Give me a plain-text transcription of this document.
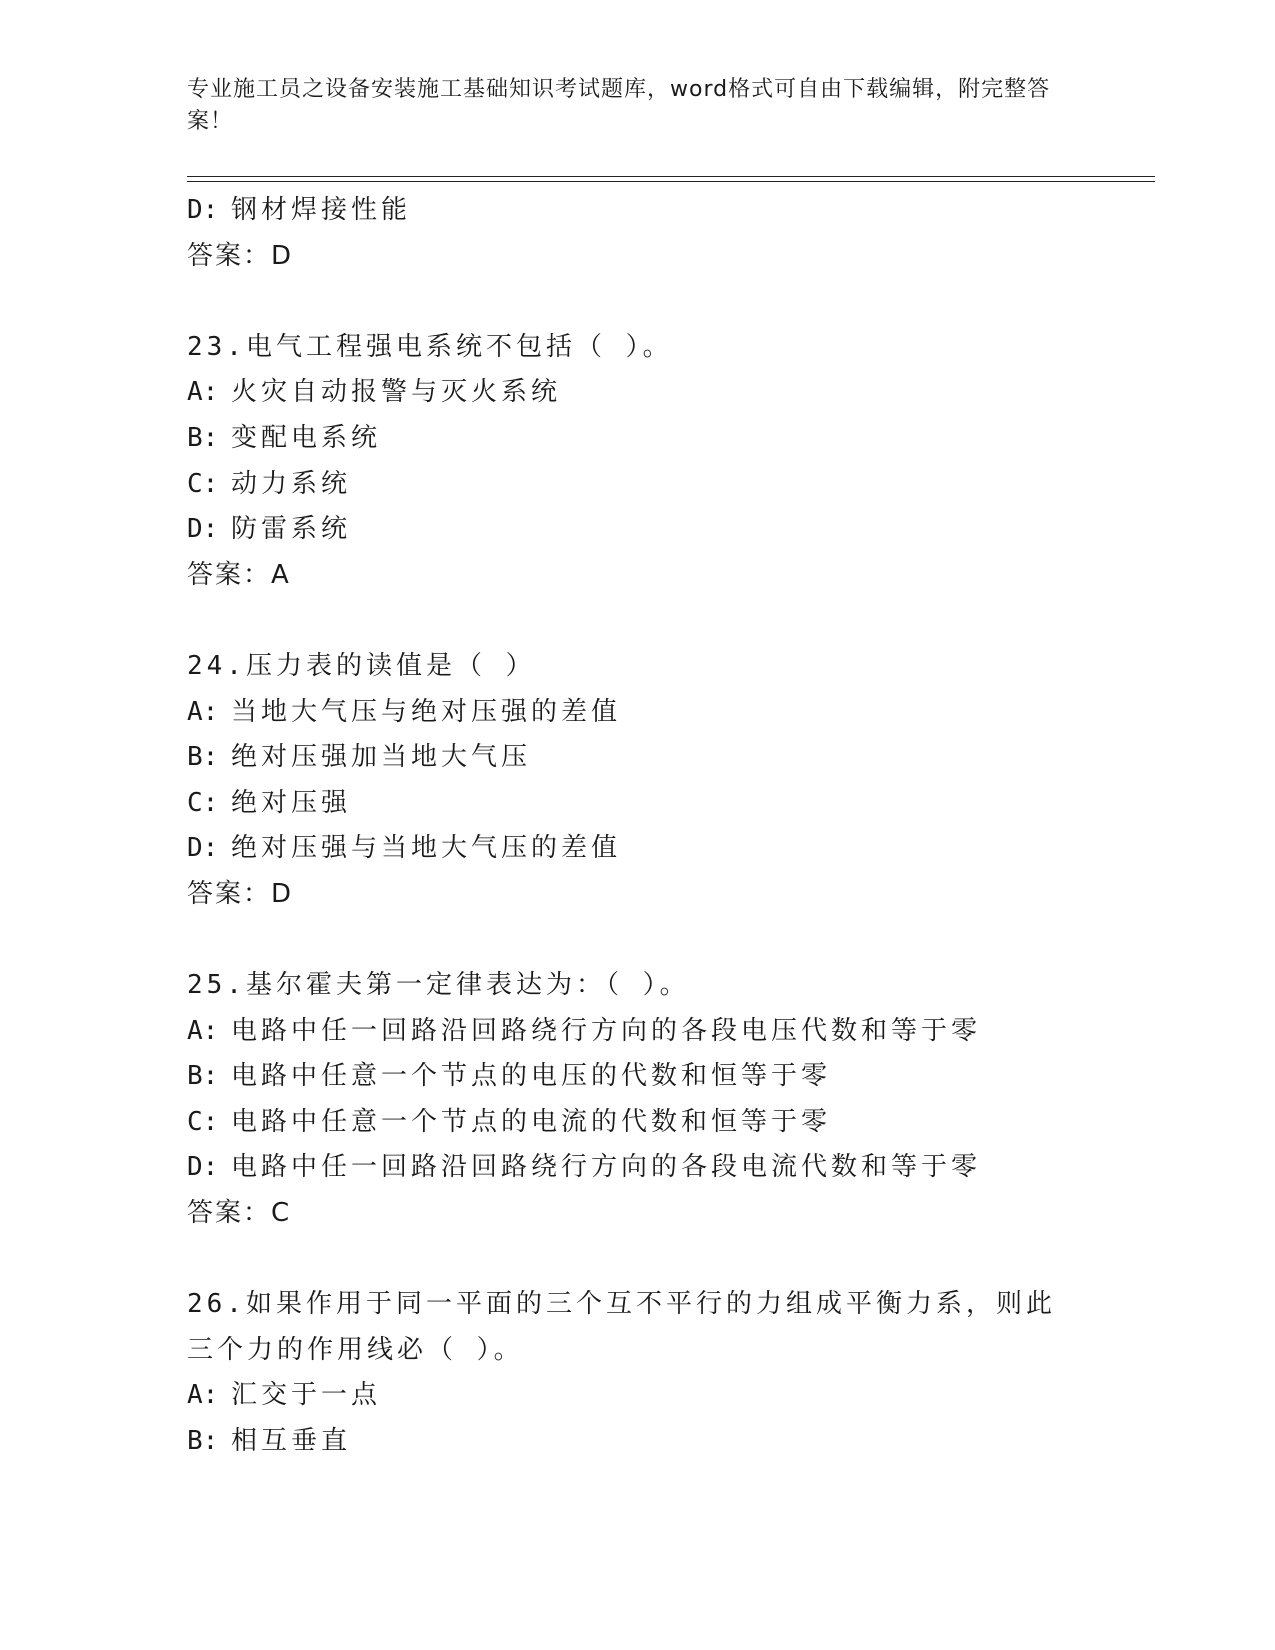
专业施工员之设备安装施工基础知识考试题库，word格式可自由下载编辑，附完整答案！
D: 钢材焊接性能
答案：D
23.电气工程强电系统不包括（ ）。
A: 火灾自动报警与灭火系统
B: 变配电系统
C: 动力系统
D: 防雷系统
答案：A
24.压力表的读值是（ ）
A: 当地大气压与绝对压强的差值
B: 绝对压强加当地大气压
C: 绝对压强
D: 绝对压强与当地大气压的差值
答案：D
25.基尔霍夫第一定律表达为：（ ）。
A: 电路中任一回路沿回路绕行方向的各段电压代数和等于零
B: 电路中任意一个节点的电压的代数和恒等于零
C: 电路中任意一个节点的电流的代数和恒等于零
D: 电路中任一回路沿回路绕行方向的各段电流代数和等于零
答案：C
26.如果作用于同一平面的三个互不平行的力组成平衡力系，则此三个力的作用线必（ ）。
A: 汇交于一点
B: 相互垂直
